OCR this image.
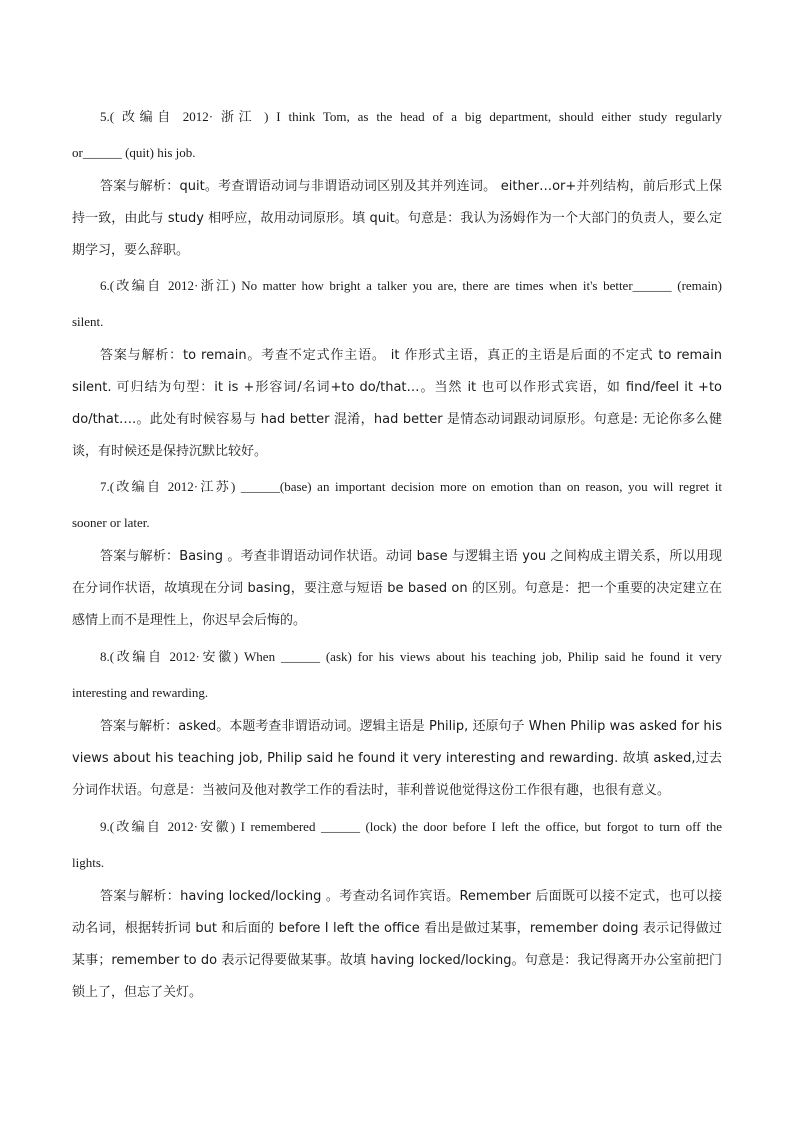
5.( 改编自 2012· 浙江 ) I think Tom, as the head of a big department, should either study regularly
or______ (quit) his job.

答案与解析：quit。考查谓语动词与非谓语动词区别及其并列连词。 either…or+并列结构，前后形式上保持一致，由此与 study 相呼应，故用动词原形。填 quit。句意是：我认为汤姆作为一个大部门的负责人，要么定期学习，要么辞职。

6.(改编自 2012·浙江) No matter how bright a talker you are, there are times when it's better______ (remain)
silent.

答案与解析：to remain。考查不定式作主语。 it 作形式主语，真正的主语是后面的不定式 to remain silent. 可归结为句型：it is +形容词/名词+to do/that…。当然 it 也可以作形式宾语，如 find/feel it +to do/that….。此处有时候容易与 had better 混淆，had better 是情态动词跟动词原形。句意是: 无论你多么健谈，有时候还是保持沉默比较好。

7.(改编自 2012·江苏) ______(base) an important decision more on emotion than on reason, you will regret it
sooner or later.

答案与解析：Basing 。考查非谓语动词作状语。动词 base 与逻辑主语 you 之间构成主谓关系，所以用现在分词作状语，故填现在分词 basing，要注意与短语 be based on 的区别。句意是：把一个重要的决定建立在感情上而不是理性上，你迟早会后悔的。

8.(改编自 2012·安徽) When ______ (ask) for his views about his teaching job, Philip said he found it very
interesting and rewarding.

答案与解析：asked。本题考查非谓语动词。逻辑主语是 Philip, 还原句子 When Philip was asked for his views about his teaching job, Philip said he found it very interesting and rewarding. 故填 asked,过去分词作状语。句意是：当被问及他对教学工作的看法时，菲利普说他觉得这份工作很有趣，也很有意义。

9.(改编自 2012·安徽) I remembered ______ (lock) the door before I left the office, but forgot to turn off the
lights.

答案与解析：having locked/locking 。考查动名词作宾语。Remember 后面既可以接不定式，也可以接动名词，根据转折词 but 和后面的 before I left the office 看出是做过某事，remember doing 表示记得做过某事；remember to do 表示记得要做某事。故填 having locked/locking。句意是：我记得离开办公室前把门锁上了，但忘了关灯。
